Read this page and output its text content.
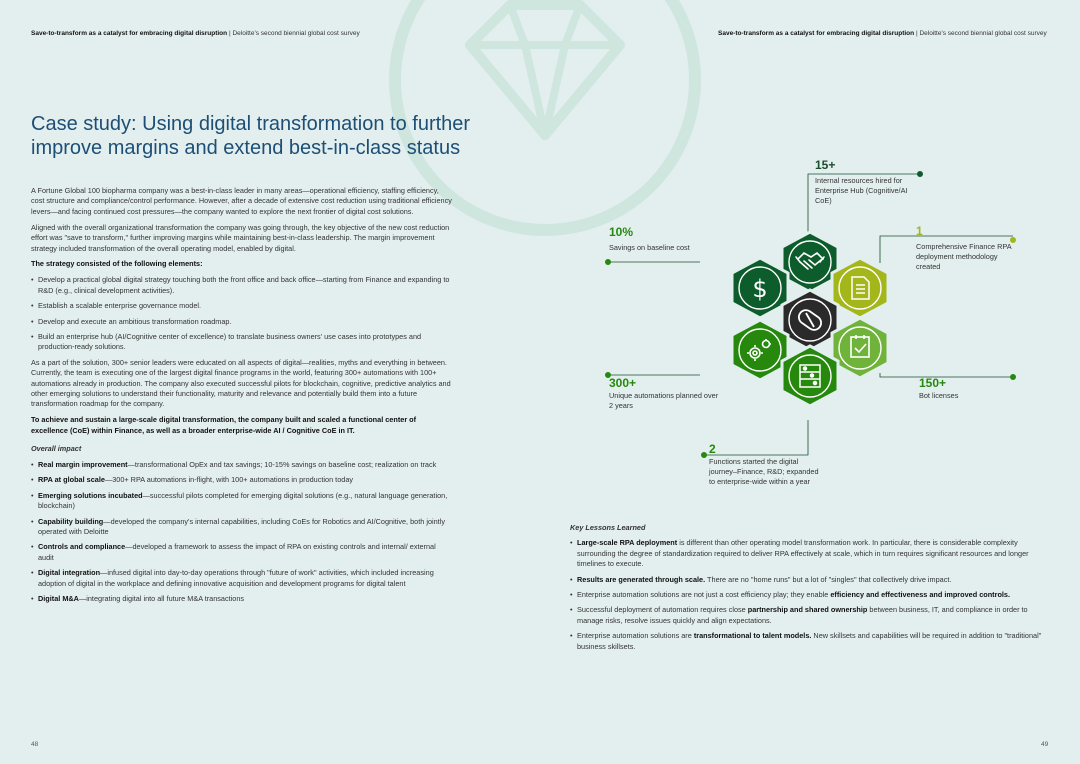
Save-to-transform as a catalyst for embracing digital disruption | Deloitte's second biennial global cost survey	Save-to-transform as a catalyst for embracing digital disruption | Deloitte's second biennial global cost survey
Case study: Using digital transformation to further improve margins and extend best-in-class status

A Fortune Global 100 biopharma company was a best-in-class leader in many areas—operational efficiency, staffing efficiency, cost structure and compliance/control performance. However, after a decade of extensive cost reduction using traditional efficiency levers—and facing continued cost pressures—the company wanted to explore the next frontier of digital cost solutions.

Aligned with the overall organizational transformation the company was going through, the key objective of the new cost reduction effort was "save to transform," further improving margins while maintaining best-in-class leadership. The margin improvement strategy included transformation of the overall operating model, enabled by digital.

The strategy consisted of the following elements:

• Develop a practical global digital strategy touching both the front office and back office—starting from Finance and expanding to R&D (e.g., clinical development activities).
• Establish a scalable enterprise governance model.
• Develop and execute an ambitious transformation roadmap.
• Build an enterprise hub (AI/Cognitive center of excellence) to translate business owners' use cases into prototypes and production-ready solutions.

As a part of the solution, 300+ senior leaders were educated on all aspects of digital—realities, myths and everything in between. Currently, the team is executing one of the largest digital finance programs in the world, featuring 300+ automations with 100+ automations already in production. The company also executed successful pilots for blockchain, cognitive, predictive analytics and other emerging solutions to understand their functionality, maturity and relevance and potentially build them into a future transformation roadmap for the company.

To achieve and sustain a large-scale digital transformation, the company built and scaled a functional center of excellence (CoE) within Finance, as well as a broader enterprise-wide AI / Cognitive CoE in IT.

Overall impact

• Real margin improvement—transformational OpEx and tax savings; 10-15% savings on baseline cost; realization on track
• RPA at global scale—300+ RPA automations in-flight, with 100+ automations in production today
• Emerging solutions incubated—successful pilots completed for emerging digital solutions (e.g., natural language generation, blockchain)
• Capability building—developed the company's internal capabilities, including CoEs for Robotics and AI/Cognitive, both jointly operated with Deloitte
• Controls and compliance—developed a framework to assess the impact of RPA on existing controls and internal/ external audit
• Digital integration—infused digital into day-to-day operations through "future of work" activities, which included increasing adoption of digital in the workplace and defining innovative acquisition and development programs for digital talent
• Digital M&A—integrating digital into all future M&A transactions
$
15+
Internal resources hired for Enterprise Hub (Cognitive/AI CoE)
10%
Savings on baseline cost
1
Comprehensive Finance RPA deployment methodology created
300+
Unique automations planned over 2 years
150+
Bot licenses
2
Functions started the digital journey–Finance, R&D; expanded to enterprise-wide within a year

Key Lessons Learned

• Large-scale RPA deployment is different than other operating model transformation work. In particular, there is considerable complexity surrounding the degree of standardization required to deliver RPA effectively at scale, which in turn requires significant resources and longer timelines to execute.
• Results are generated through scale. There are no "home runs" but a lot of "singles" that collectively drive impact.
• Enterprise automation solutions are not just a cost efficiency play; they enable efficiency and effectiveness and improved controls.
• Successful deployment of automation requires close partnership and shared ownership between business, IT, and compliance in order to manage risks, resolve issues quickly and align expectations.
• Enterprise automation solutions are transformational to talent models. New skillsets and capabilities will be required in addition to "traditional" business skillsets.
48	49
